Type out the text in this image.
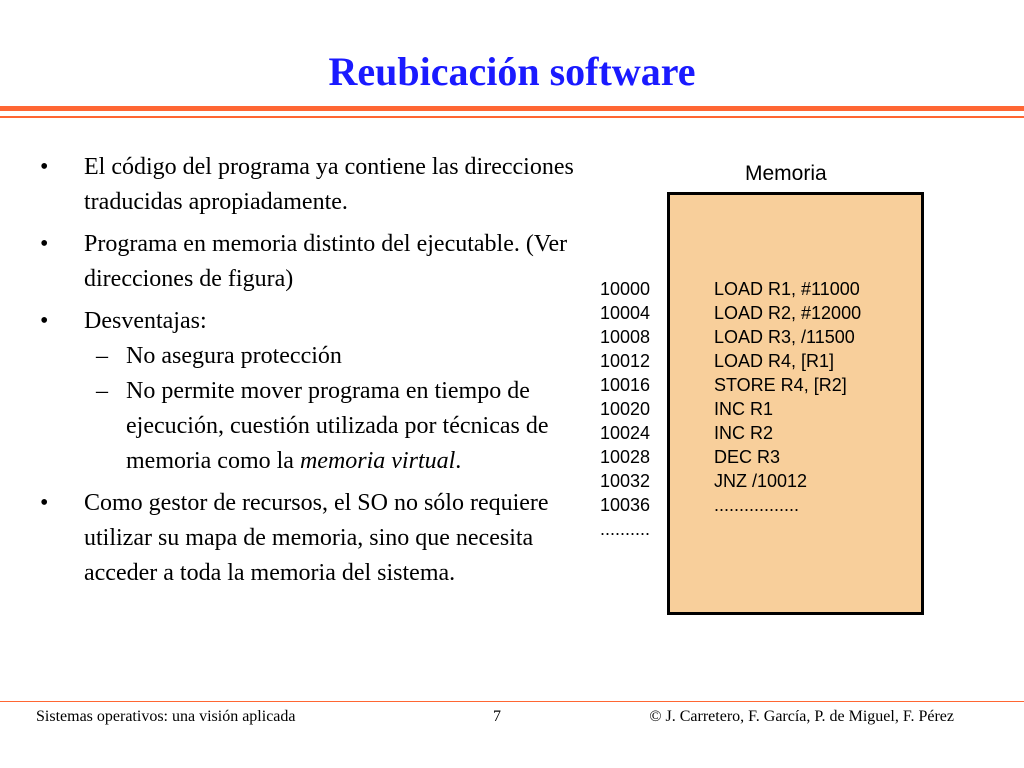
Reubicación software
• El código del programa ya contiene las direcciones traducidas apropiadamente.
• Programa en memoria distinto del ejecutable. (Ver direcciones de figura)
• Desventajas:
– No asegura protección
– No permite mover programa en tiempo de ejecución, cuestión utilizada por técnicas de memoria como la memoria virtual.
• Como gestor de recursos, el SO no sólo requiere utilizar su mapa de memoria, sino que necesita acceder a toda la memoria del sistema.
Memoria
10000	LOAD R1, #11000
10004	LOAD R2, #12000
10008	LOAD R3, /11500
10012	LOAD R4, [R1]
10016	STORE R4, [R2]
10020	INC R1
10024	INC R2
10028	DEC R3
10032	JNZ /10012
10036	.................
..........
Sistemas operativos: una visión aplicada	7	© J. Carretero, F. García, P. de Miguel, F. Pérez
